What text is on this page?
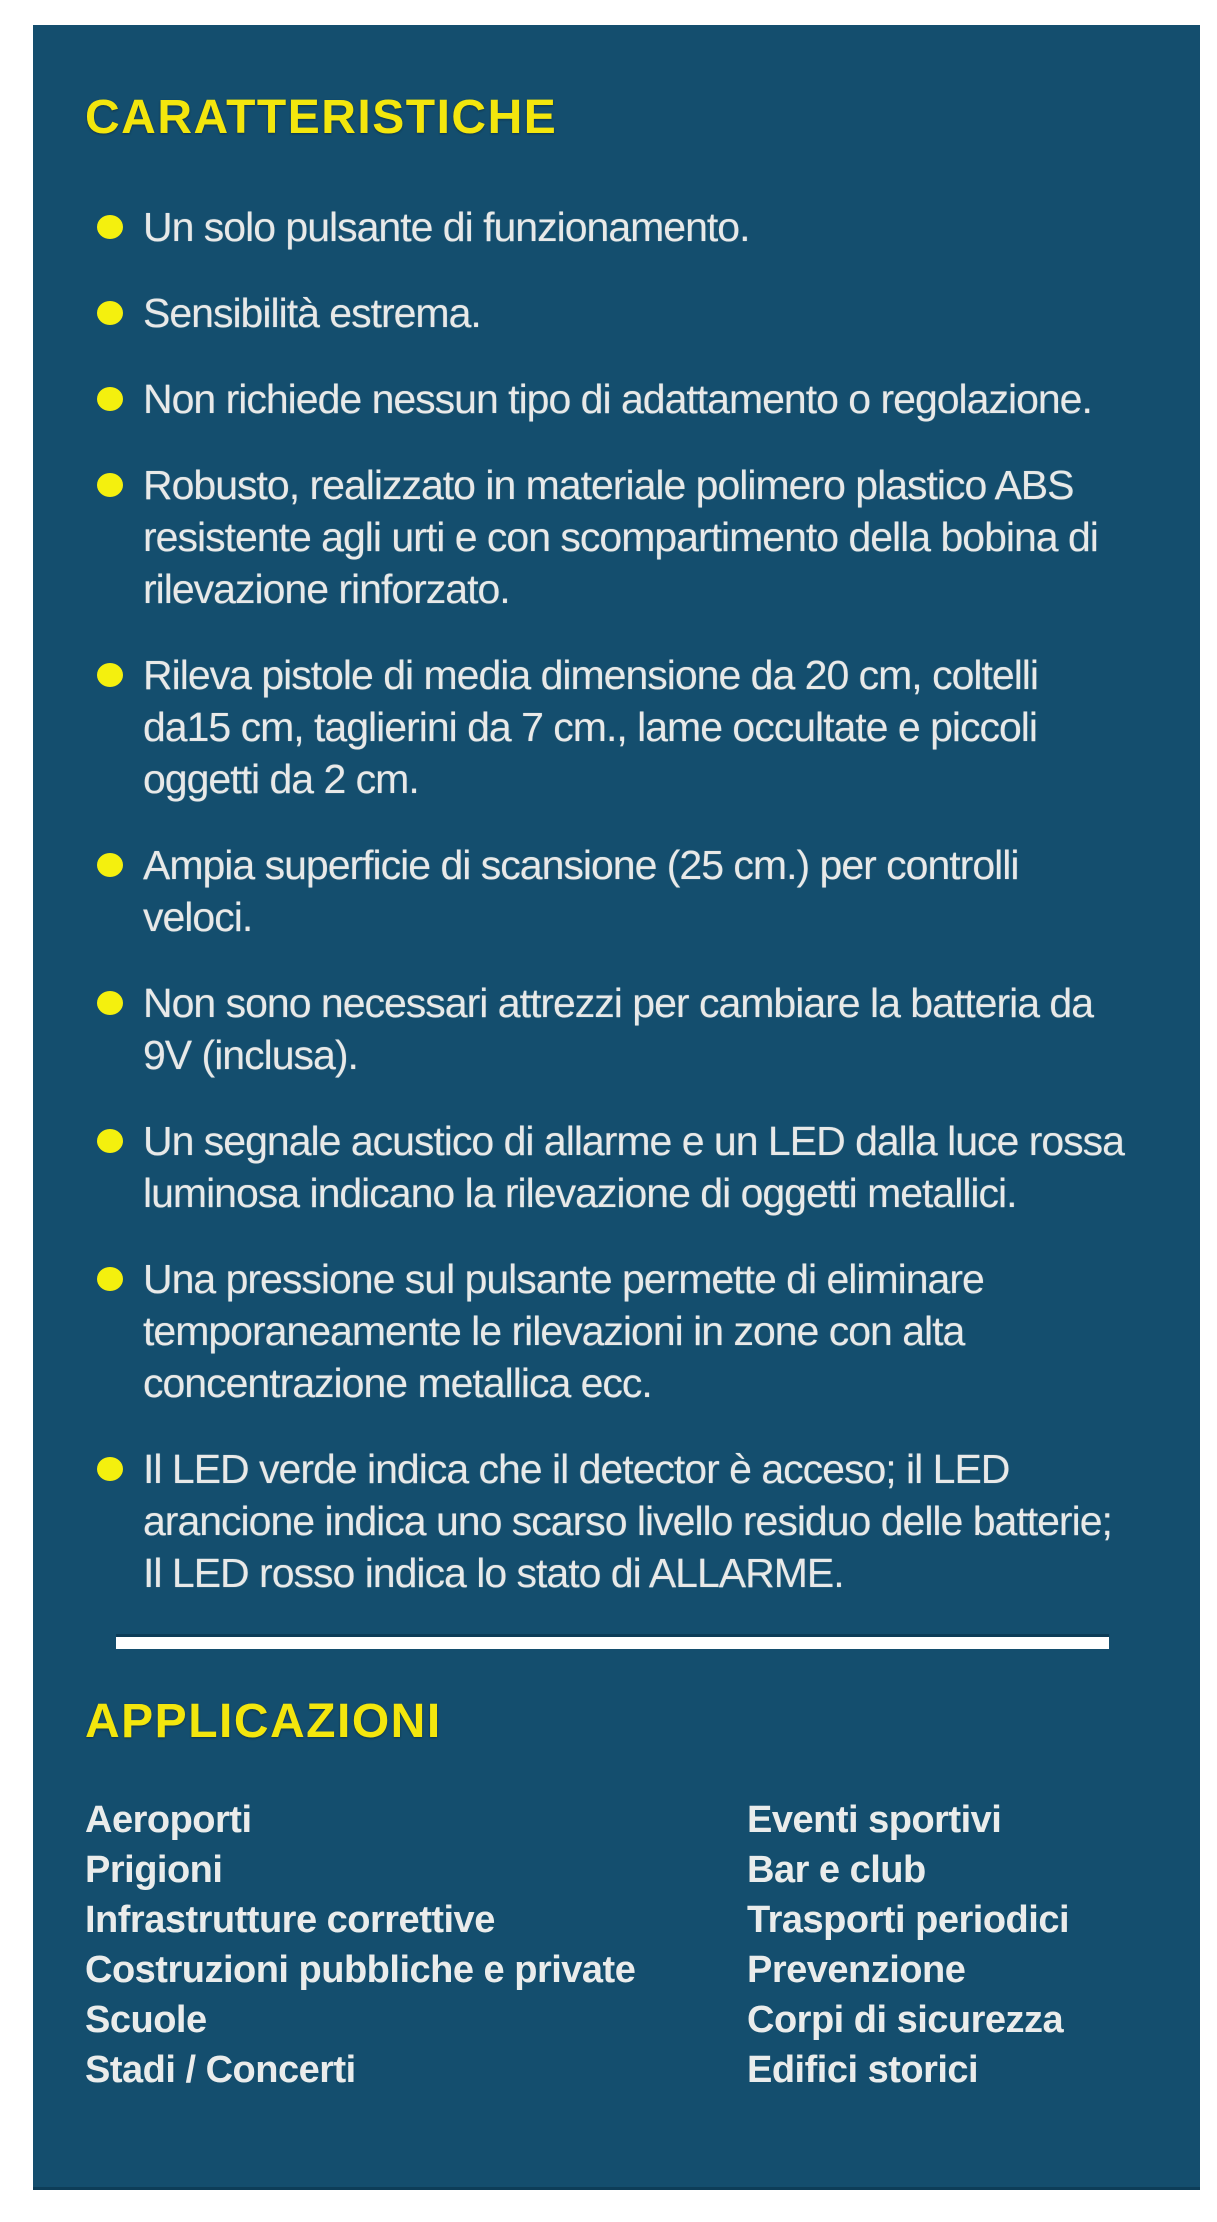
CARATTERISTICHE
Un solo pulsante di funzionamento.
Sensibilità estrema.
Non richiede nessun tipo di adattamento o regolazione.
Robusto, realizzato in materiale polimero plastico ABS resistente agli urti e con scompartimento della bobina di rilevazione rinforzato.
Rileva pistole di media dimensione da 20 cm, coltelli da15 cm, taglierini da 7 cm., lame occultate e piccoli oggetti da 2 cm.
Ampia superficie di scansione (25 cm.) per controlli veloci.
Non sono necessari attrezzi per cambiare la batteria da 9V (inclusa).
Un segnale acustico di allarme e un LED dalla luce rossa luminosa indicano la rilevazione di oggetti metallici.
Una pressione sul pulsante permette di eliminare temporaneamente le rilevazioni in zone con alta concentrazione metallica ecc.
Il LED verde indica che il detector è acceso; il LED arancione indica uno scarso livello residuo delle batterie; Il LED rosso indica lo stato di ALLARME.
APPLICAZIONI
Aeroporti
Prigioni
Infrastrutture correttive
Costruzioni pubbliche e private
Scuole
Stadi / Concerti
Eventi sportivi
Bar e club
Trasporti periodici
Prevenzione
Corpi di sicurezza
Edifici storici
